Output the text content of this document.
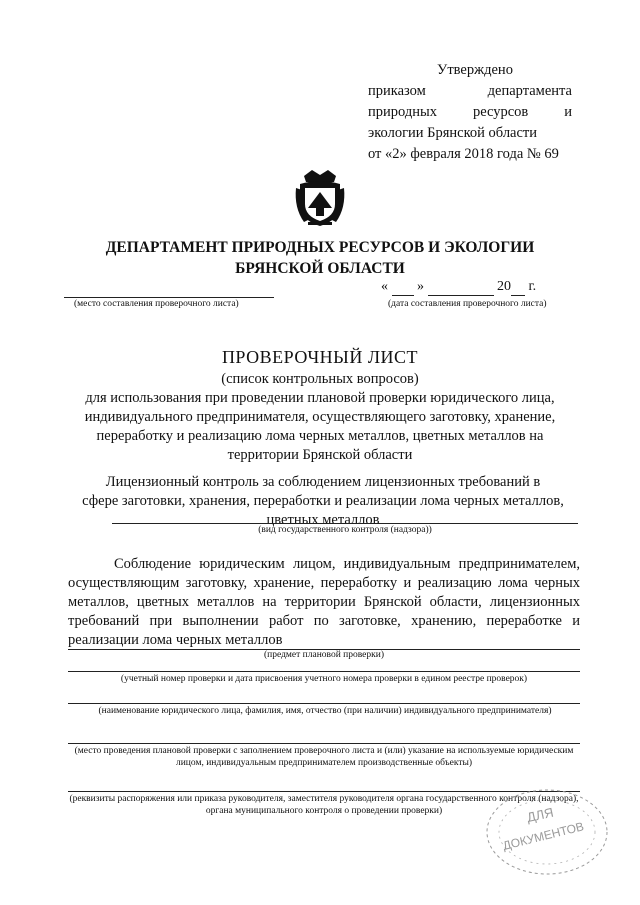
Утверждено
приказом департамента
природных ресурсов и
экологии Брянской области
от «2» февраля 2018 года № 69
ДЕПАРТАМЕНТ ПРИРОДНЫХ РЕСУРСОВ И ЭКОЛОГИИ
БРЯНСКОЙ ОБЛАСТИ
« »	20 г.
(место составления проверочного листа)	(дата составления проверочного листа)
ПРОВЕРОЧНЫЙ ЛИСТ
(список контрольных вопросов)
для использования при проведении плановой проверки юридического лица,
индивидуального предпринимателя, осуществляющего заготовку, хранение,
переработку и реализацию лома черных металлов, цветных металлов на
территории Брянской области
Лицензионный контроль за соблюдением лицензионных требований в
сфере заготовки, хранения, переработки и реализации лома черных металлов,
цветных металлов
(вид государственного контроля (надзора))
Соблюдение юридическим лицом, индивидуальным предпринимателем, осуществляющим заготовку, хранение, переработку и реализацию лома черных металлов, цветных металлов на территории Брянской области, лицензионных требований при выполнении работ по заготовке, хранению, переработке и реализации лома черных металлов
(предмет плановой проверки)
(учетный номер проверки и дата присвоения учетного номера проверки в едином реестре проверок)
(наименование юридического лица, фамилия, имя, отчество (при наличии) индивидуального предпринимателя)
(место проведения плановой проверки с заполнением проверочного листа и (или) указание на используемые юридическим лицом, индивидуальным предпринимателем производственные объекты)
(реквизиты распоряжения или приказа руководителя, заместителя руководителя органа государственного контроля (надзора), органа муниципального контроля о проведении проверки)	ДЛЯ
ДОКУМЕНТОВ
